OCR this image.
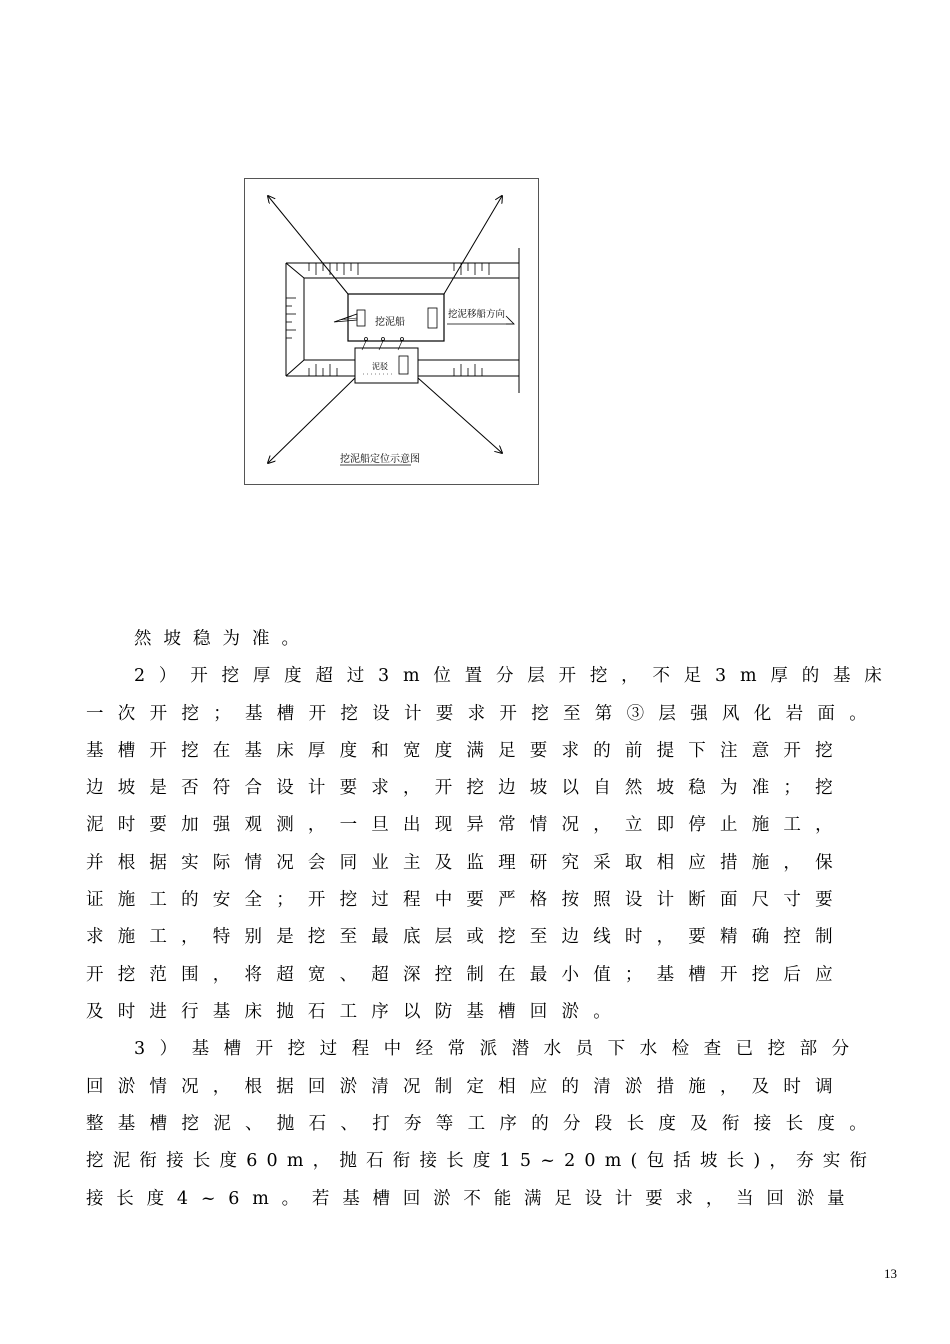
挖泥船
泥驳
挖泥移船方向
挖泥船定位示意图
然坡稳为准。
2）开挖厚度超过3m位置分层开挖，不足3m厚的基床
一次开挖；基槽开挖设计要求开挖至第③层强风化岩面。
基槽开挖在基床厚度和宽度满足要求的前提下注意开挖
边坡是否符合设计要求，开挖边坡以自然坡稳为准；挖
泥时要加强观测，一旦出现异常情况，立即停止施工，
并根据实际情况会同业主及监理研究采取相应措施，保
证施工的安全；开挖过程中要严格按照设计断面尺寸要
求施工，特别是挖至最底层或挖至边线时，要精确控制
开挖范围，将超宽、超深控制在最小值；基槽开挖后应
及时进行基床抛石工序以防基槽回淤。
3）基槽开挖过程中经常派潜水员下水检查已挖部分
回淤情况，根据回淤清况制定相应的清淤措施，及时调
整基槽挖泥、抛石、打夯等工序的分段长度及衔接长度。
挖泥衔接长度60m，抛石衔接长度15~20m(包括坡长)，夯实衔
接长度4~6m。若基槽回淤不能满足设计要求，当回淤量
13
